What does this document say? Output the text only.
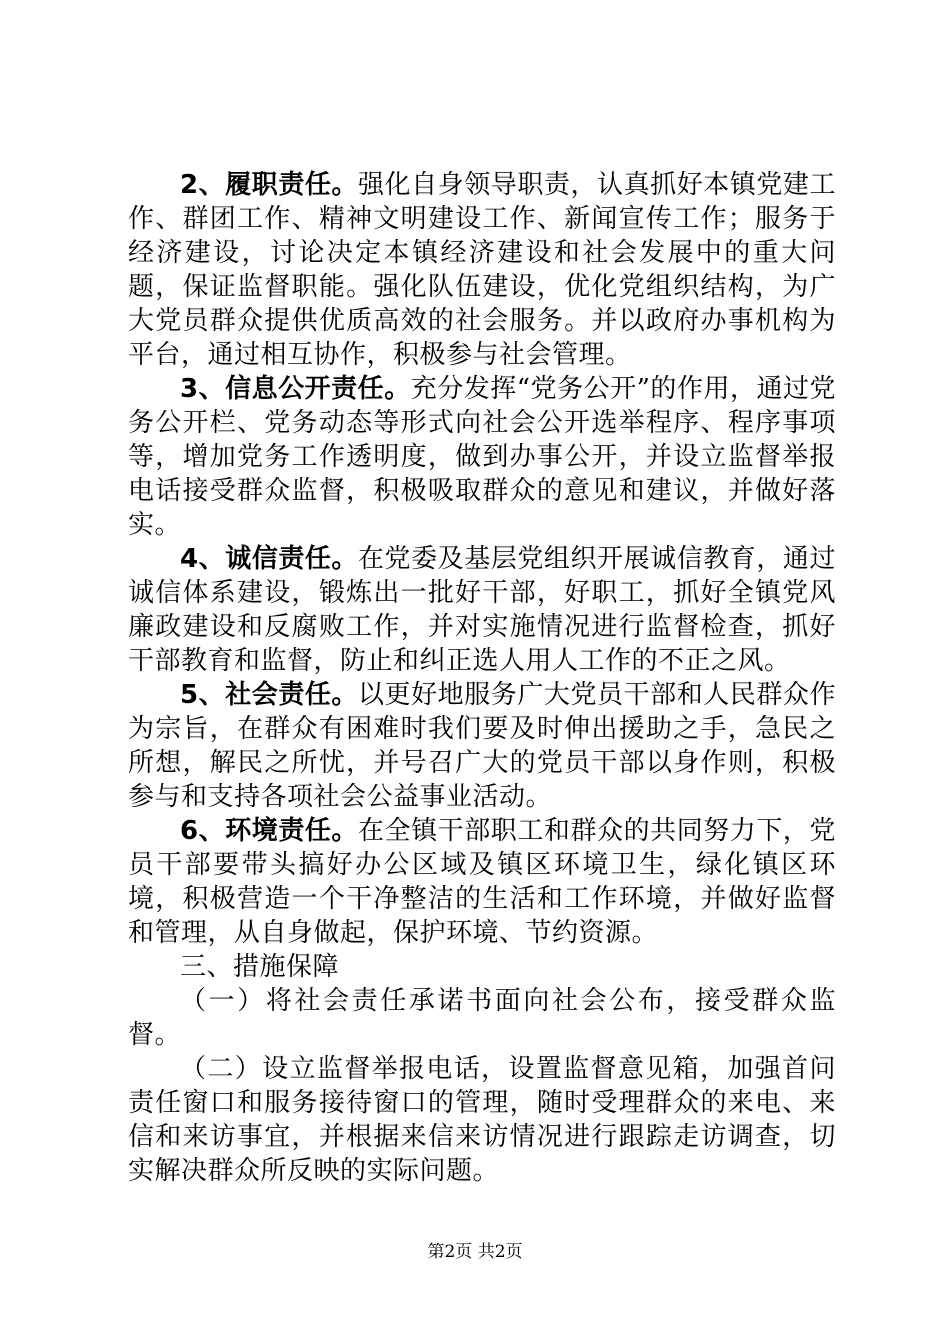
2、履职责任。强化自身领导职责，认真抓好本镇党建工作、群团工作、精神文明建设工作、新闻宣传工作；服务于经济建设，讨论决定本镇经济建设和社会发展中的重大问题，保证监督职能。强化队伍建设，优化党组织结构，为广大党员群众提供优质高效的社会服务。并以政府办事机构为平台，通过相互协作，积极参与社会管理。

3、信息公开责任。充分发挥“党务公开”的作用，通过党务公开栏、党务动态等形式向社会公开选举程序、程序事项等，增加党务工作透明度，做到办事公开，并设立监督举报电话接受群众监督，积极吸取群众的意见和建议，并做好落实。

4、诚信责任。在党委及基层党组织开展诚信教育，通过诚信体系建设，锻炼出一批好干部，好职工，抓好全镇党风廉政建设和反腐败工作，并对实施情况进行监督检查，抓好干部教育和监督，防止和纠正选人用人工作的不正之风。

5、社会责任。以更好地服务广大党员干部和人民群众作为宗旨，在群众有困难时我们要及时伸出援助之手，急民之所想，解民之所忧，并号召广大的党员干部以身作则，积极参与和支持各项社会公益事业活动。

6、环境责任。在全镇干部职工和群众的共同努力下，党员干部要带头搞好办公区域及镇区环境卫生，绿化镇区环境，积极营造一个干净整洁的生活和工作环境，并做好监督和管理，从自身做起，保护环境、节约资源。

三、措施保障

（一）将社会责任承诺书面向社会公布，接受群众监督。

（二）设立监督举报电话，设置监督意见箱，加强首问责任窗口和服务接待窗口的管理，随时受理群众的来电、来信和来访事宜，并根据来信来访情况进行跟踪走访调查，切实解决群众所反映的实际问题。

第2页 共2页
